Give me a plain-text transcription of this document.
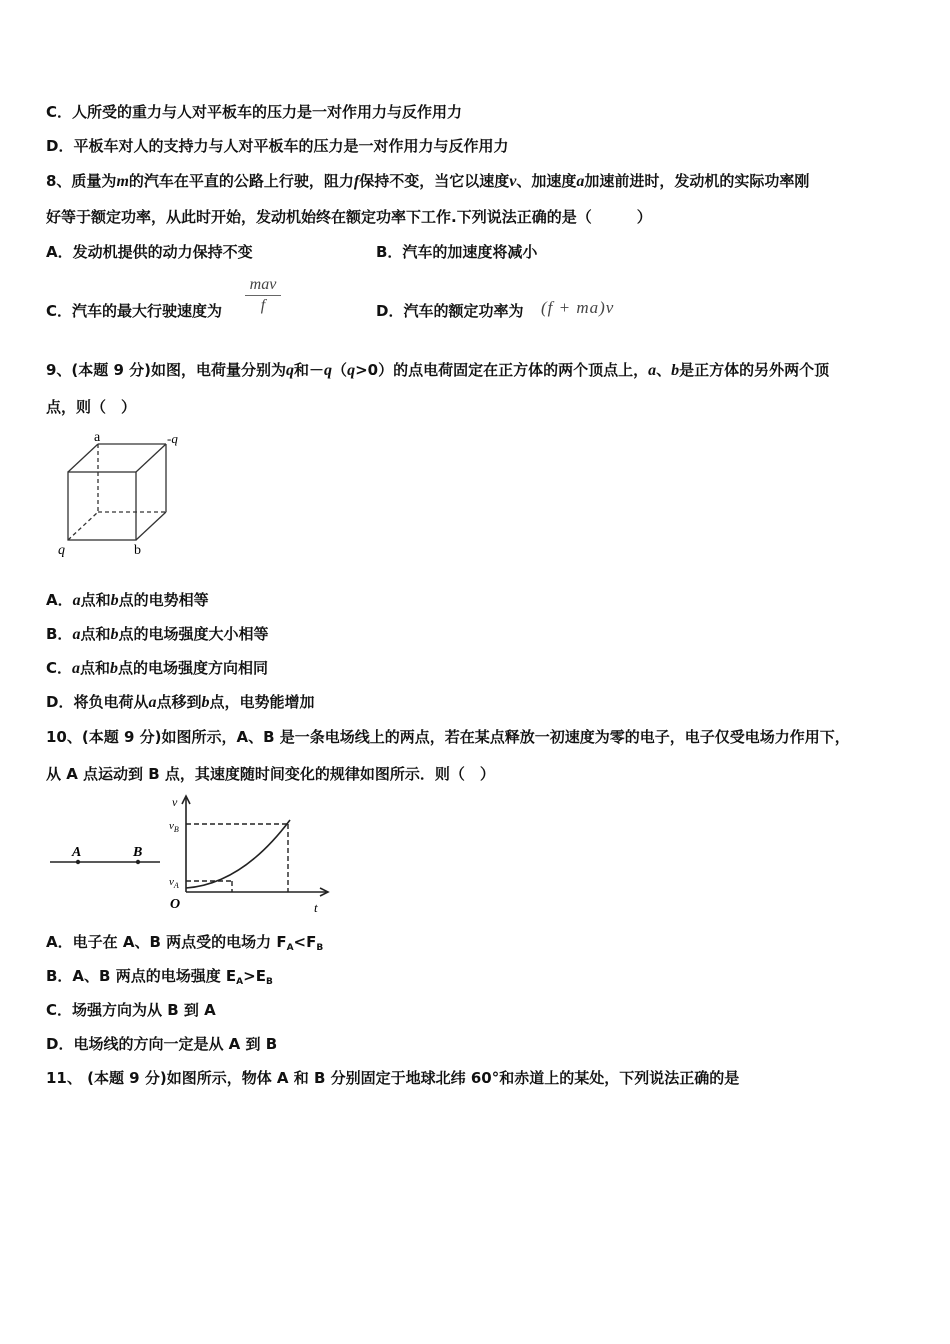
C．人所受的重力与人对平板车的压力是一对作用力与反作用力
D．平板车对人的支持力与人对平板车的压力是一对作用力与反作用力
8、质量为m的汽车在平直的公路上行驶，阻力f保持不变，当它以速度v、加速度a加速前进时，发动机的实际功率刚
好等于额定功率，从此时开始，发动机始终在额定功率下工作.下列说法正确的是（　　　）
A．发动机提供的动力保持不变	B．汽车的加速度将减小
C．汽车的最大行驶速度为
mav
f	D．汽车的额定功率为 (f + ma)v
9、(本题 9 分)如图，电荷量分别为q和－q（q>0）的点电荷固定在正方体的两个顶点上，a、b是正方体的另外两个顶
点，则（　）
a	-q
q	b
A．a点和b点的电势相等
B．a点和b点的电场强度大小相等
C．a点和b点的电场强度方向相同
D．将负电荷从a点移到b点，电势能增加
10、(本题 9 分)如图所示，A、B 是一条电场线上的两点，若在某点释放一初速度为零的电子，电子仅受电场力作用下，
从 A 点运动到 B 点，其速度随时间变化的规律如图所示．则（　）
A	B
v
t
O
$v_B$
$v_A$
A．电子在 A、B 两点受的电场力 $F_A<F_B$
B．A、B 两点的电场强度 $E_A>E_B$
C．场强方向为从 B 到 A
D．电场线的方向一定是从 A 到 B
11、 (本题 9 分)如图所示，物体 A 和 B 分别固定于地球北纬 60°和赤道上的某处，下列说法正确的是
